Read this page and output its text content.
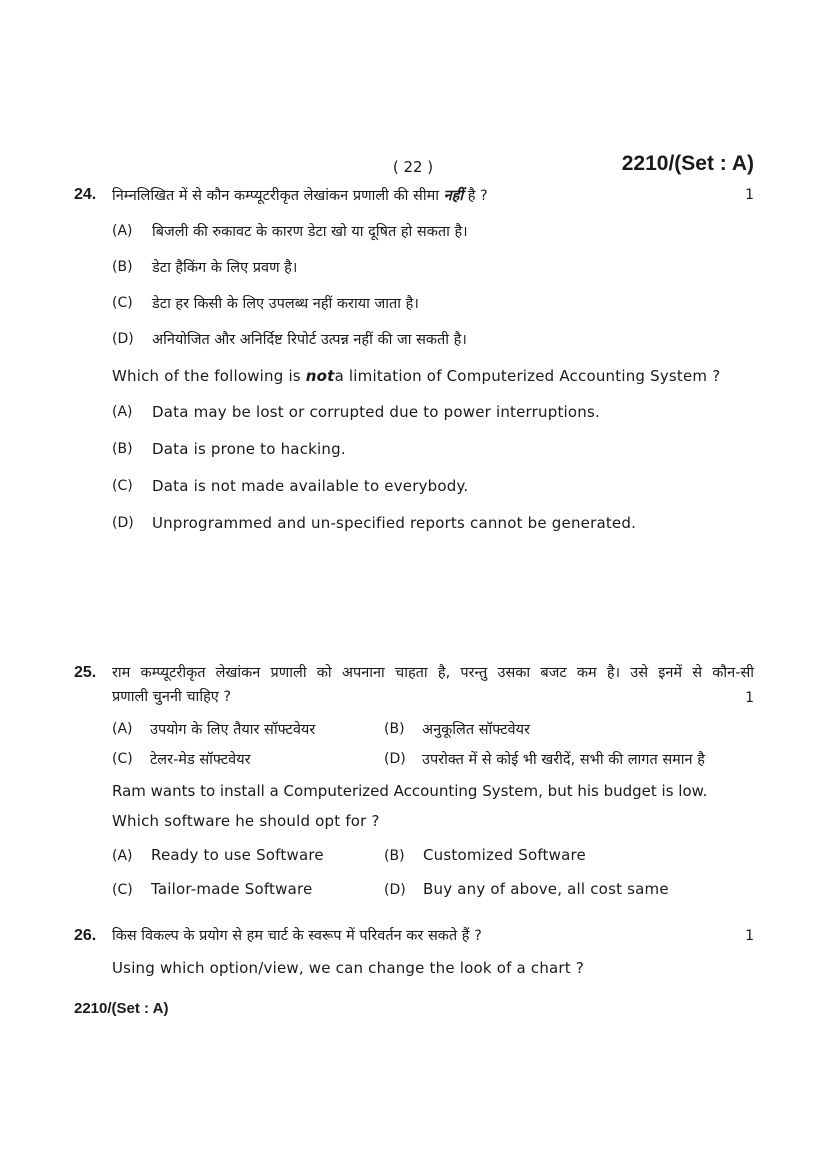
( 22 )	2210/(Set : A)
24. निम्नलिखित में से कौन कम्प्यूटरीकृत लेखांकन प्रणाली की सीमा नहीं है ?	1
(A) बिजली की रुकावट के कारण डेटा खो या दूषित हो सकता है।
(B) डेटा हैकिंग के लिए प्रवण है।
(C) डेटा हर किसी के लिए उपलब्ध नहीं कराया जाता है।
(D) अनियोजित और अनिर्दिष्ट रिपोर्ट उत्पन्न नहीं की जा सकती है।
Which of the following is nota limitation of Computerized Accounting System ?
(A) Data may be lost or corrupted due to power interruptions.
(B) Data is prone to hacking.
(C) Data is not made available to everybody.
(D) Unprogrammed and un-specified reports cannot be generated.
25. राम कम्प्यूटरीकृत लेखांकन प्रणाली को अपनाना चाहता है, परन्तु उसका बजट कम है। उसे इनमें से कौन-सी
प्रणाली चुननी चाहिए ?	1
(A) उपयोग के लिए तैयार सॉफ्टवेयर	(B) अनुकूलित सॉफ्टवेयर
(C) टेलर-मेड सॉफ्टवेयर	(D) उपरोक्त में से कोई भी खरीदें, सभी की लागत समान है
Ram wants to install a Computerized Accounting System, but his budget is low.
Which software he should opt for ?
(A) Ready to use Software	(B) Customized Software
(C) Tailor-made Software	(D) Buy any of above, all cost same
26. किस विकल्प के प्रयोग से हम चार्ट के स्वरूप में परिवर्तन कर सकते हैं ?	1
Using which option/view, we can change the look of a chart ?
2210/(Set : A)
